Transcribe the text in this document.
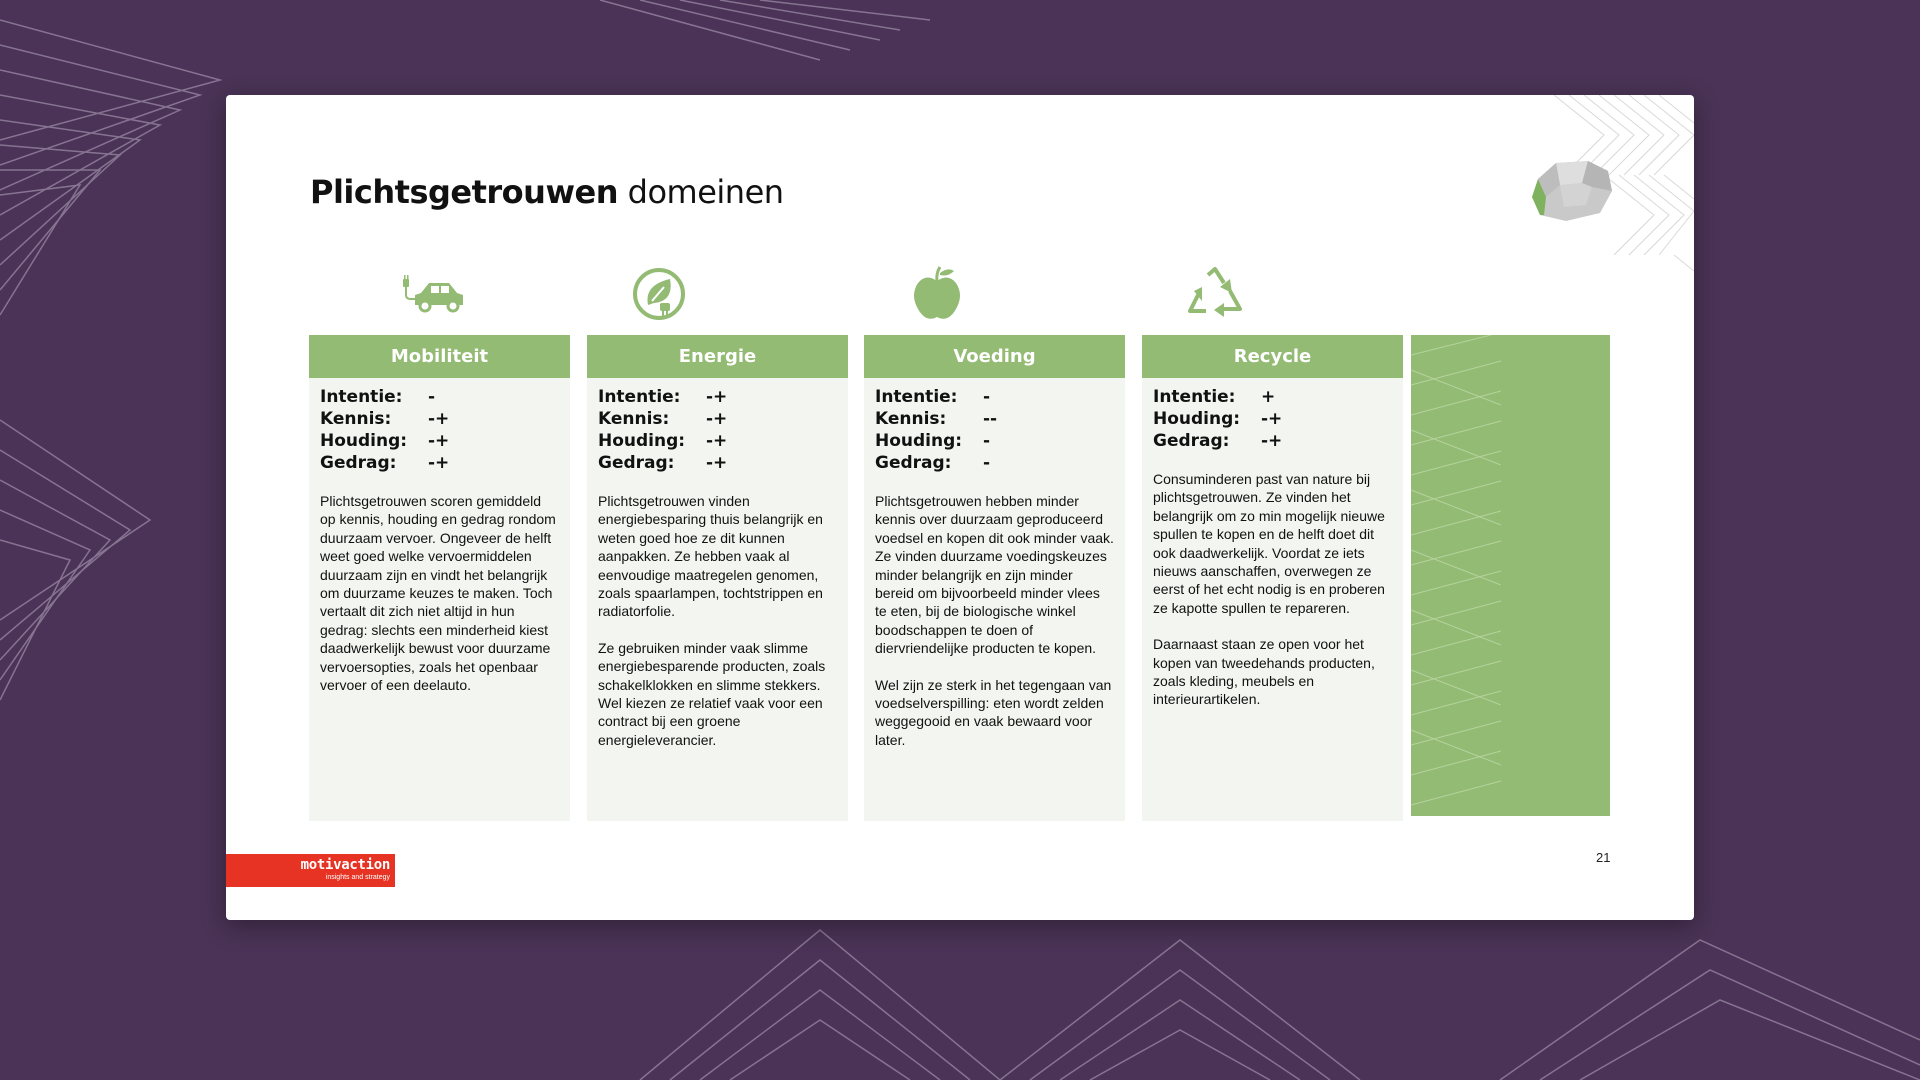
Plichtsgetrouwen domeinen
Mobiliteit
Intentie:	-
Kennis:	-+
Houding:	-+
Gedrag:	-+

Plichtsgetrouwen scoren gemiddeld op kennis, houding en gedrag rondom duurzaam vervoer. Ongeveer de helft weet goed welke vervoermiddelen duurzaam zijn en vindt het belangrijk om duurzame keuzes te maken. Toch vertaalt dit zich niet altijd in hun gedrag: slechts een minderheid kiest daadwerkelijk bewust voor duurzame vervoersopties, zoals het openbaar vervoer of een deelauto.

Energie
Intentie:	-+
Kennis:	-+
Houding:	-+
Gedrag:	-+

Plichtsgetrouwen vinden energiebesparing thuis belangrijk en weten goed hoe ze dit kunnen aanpakken. Ze hebben vaak al eenvoudige maatregelen genomen, zoals spaarlampen, tochtstrippen en radiatorfolie.

Ze gebruiken minder vaak slimme energiebesparende producten, zoals schakelklokken en slimme stekkers. Wel kiezen ze relatief vaak voor een contract bij een groene energieleverancier.

Voeding
Intentie:	-
Kennis:	--
Houding:	-
Gedrag:	-

Plichtsgetrouwen hebben minder kennis over duurzaam geproduceerd voedsel en kopen dit ook minder vaak. Ze vinden duurzame voedingskeuzes minder belangrijk en zijn minder bereid om bijvoorbeeld minder vlees te eten, bij de biologische winkel boodschappen te doen of diervriendelijke producten te kopen.

Wel zijn ze sterk in het tegengaan van voedselverspilling: eten wordt zelden weggegooid en vaak bewaard voor later.

Recycle
Intentie:	+
Houding:	-+
Gedrag:	-+

Consuminderen past van nature bij plichtsgetrouwen. Ze vinden het belangrijk om zo min mogelijk nieuwe spullen te kopen en de helft doet dit ook daadwerkelijk. Voordat ze iets nieuws aanschaffen, overwegen ze eerst of het echt nodig is en proberen ze kapotte spullen te repareren.

Daarnaast staan ze open voor het kopen van tweedehands producten, zoals kleding, meubels en interieurartikelen.

motivaction
insights and strategy
21
